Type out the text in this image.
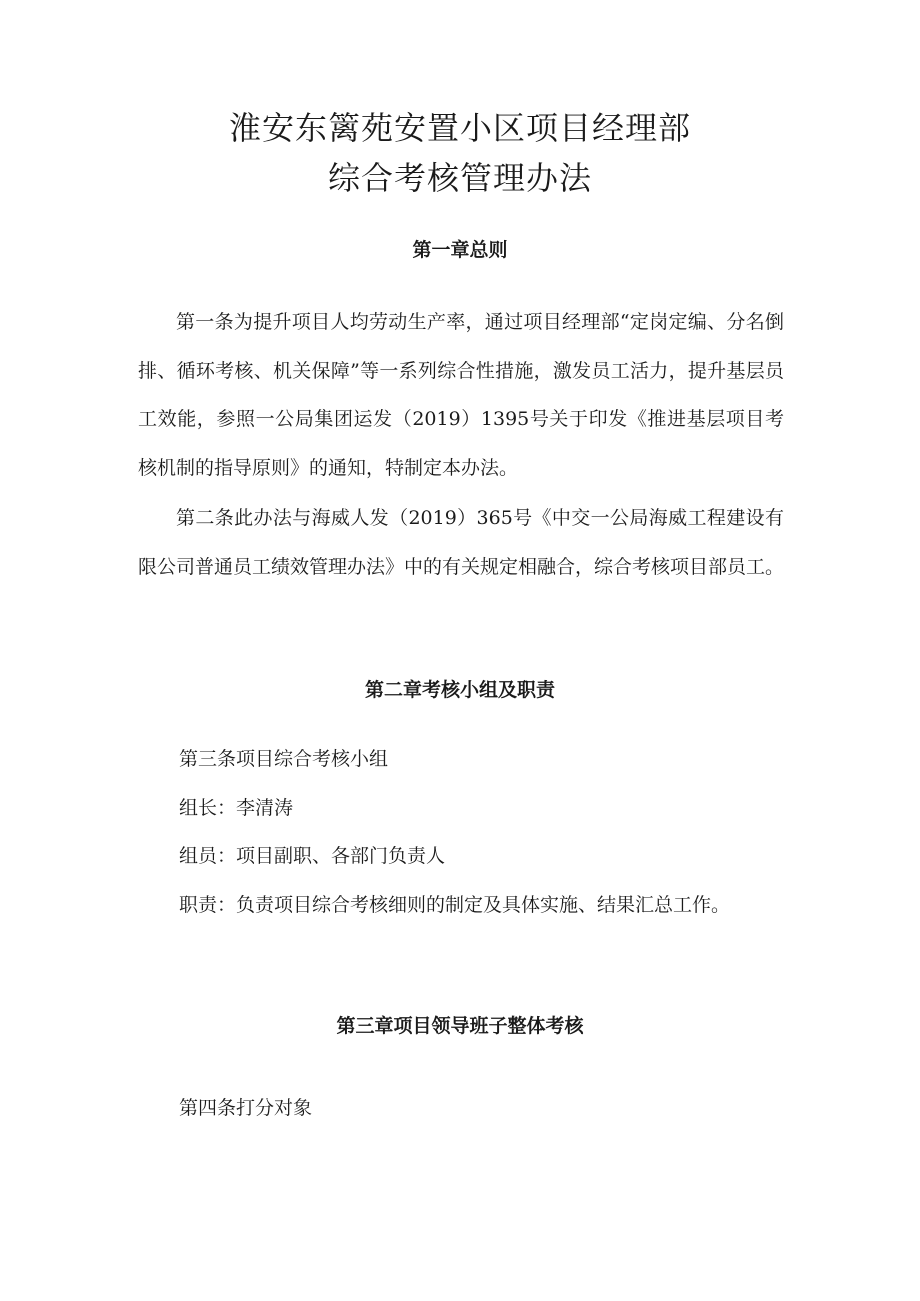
淮安东篱苑安置小区项目经理部
综合考核管理办法
第一章总则

第一条为提升项目人均劳动生产率，通过项目经理部“定岗定编、分名倒排、循环考核、机关保障”等一系列综合性措施，激发员工活力，提升基层员工效能，参照一公局集团运发（2019）1395号关于印发《推进基层项目考核机制的指导原则》的通知，特制定本办法。

第二条此办法与海威人发（2019）365号《中交一公局海威工程建设有限公司普通员工绩效管理办法》中的有关规定相融合，综合考核项目部员工。

第二章考核小组及职责

第三条项目综合考核小组

组长：李清涛

组员：项目副职、各部门负责人

职责：负责项目综合考核细则的制定及具体实施、结果汇总工作。

第三章项目领导班子整体考核

第四条打分对象
